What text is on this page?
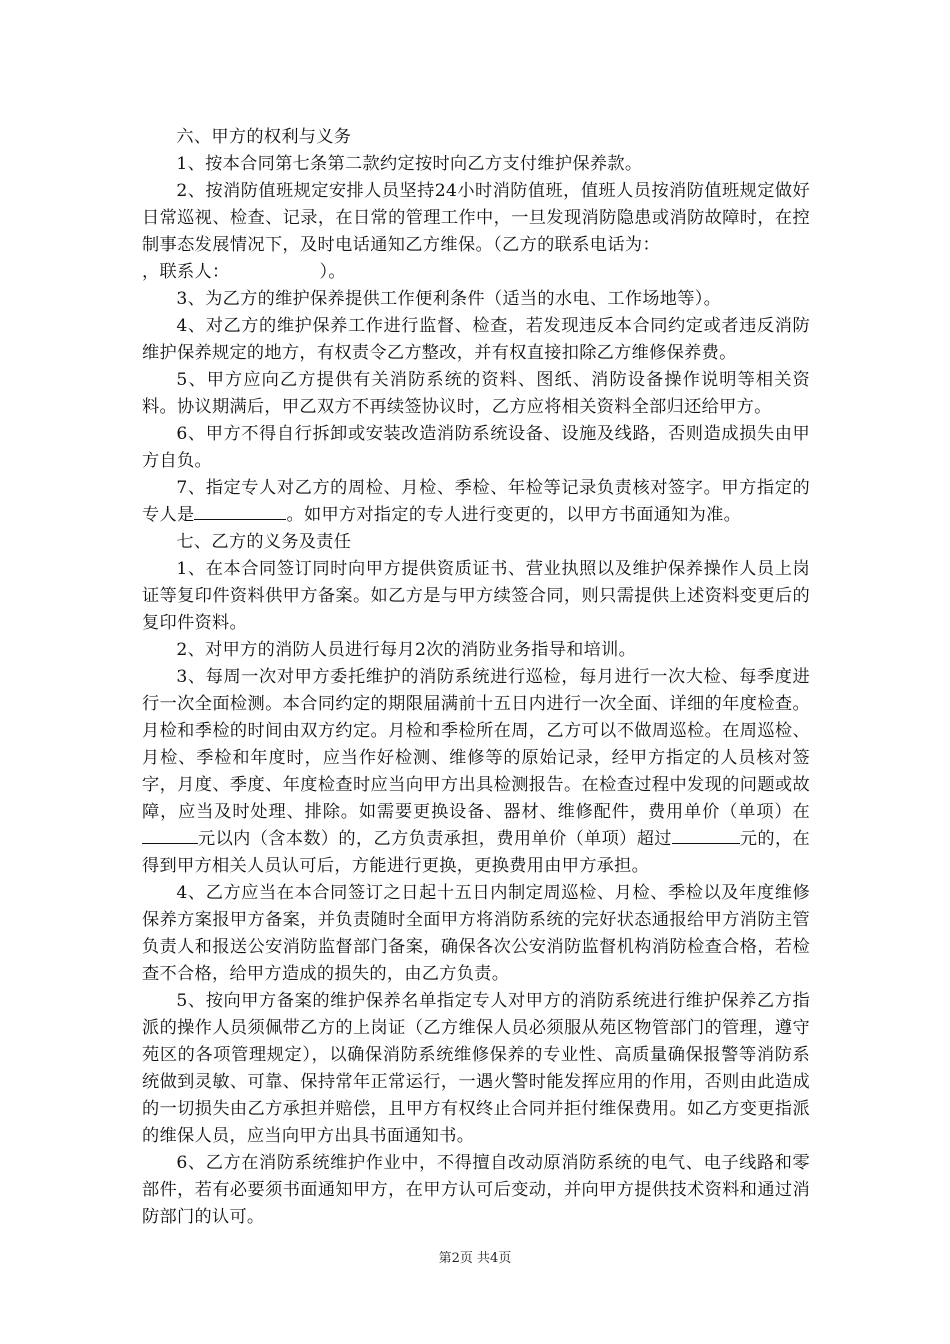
六、甲方的权利与义务

1、按本合同第七条第二款约定按时向乙方支付维护保养款。

2、按消防值班规定安排人员坚持24小时消防值班，值班人员按消防值班规定做好日常巡视、检查、记录，在日常的管理工作中，一旦发现消防隐患或消防故障时，在控制事态发展情况下，及时电话通知乙方维保。（乙方的联系电话为：，联系人：	）。

3、为乙方的维护保养提供工作便利条件（适当的水电、工作场地等）。

4、对乙方的维护保养工作进行监督、检查，若发现违反本合同约定或者违反消防维护保养规定的地方，有权责令乙方整改，并有权直接扣除乙方维修保养费。

5、甲方应向乙方提供有关消防系统的资料、图纸、消防设备操作说明等相关资料。协议期满后，甲乙双方不再续签协议时，乙方应将相关资料全部归还给甲方。

6、甲方不得自行拆卸或安装改造消防系统设备、设施及线路，否则造成损失由甲方自负。

7、指定专人对乙方的周检、月检、季检、年检等记录负责核对签字。甲方指定的专人是	。如甲方对指定的专人进行变更的，以甲方书面通知为准。

七、乙方的义务及责任

1、在本合同签订同时向甲方提供资质证书、营业执照以及维护保养操作人员上岗证等复印件资料供甲方备案。如乙方是与甲方续签合同，则只需提供上述资料变更后的复印件资料。

2、对甲方的消防人员进行每月2次的消防业务指导和培训。

3、每周一次对甲方委托维护的消防系统进行巡检，每月进行一次大检、每季度进行一次全面检测。本合同约定的期限届满前十五日内进行一次全面、详细的年度检查。月检和季检的时间由双方约定。月检和季检所在周，乙方可以不做周巡检。在周巡检、月检、季检和年度时，应当作好检测、维修等的原始记录，经甲方指定的人员核对签字，月度、季度、年度检查时应当向甲方出具检测报告。在检查过程中发现的问题或故障，应当及时处理、排除。如需要更换设备、器材、维修配件，费用单价（单项）在元以内（含本数）的，乙方负责承担，费用单价（单项）超过	元的，在得到甲方相关人员认可后，方能进行更换，更换费用由甲方承担。

4、乙方应当在本合同签订之日起十五日内制定周巡检、月检、季检以及年度维修保养方案报甲方备案，并负责随时全面甲方将消防系统的完好状态通报给甲方消防主管负责人和报送公安消防监督部门备案，确保各次公安消防监督机构消防检查合格，若检查不合格，给甲方造成的损失的，由乙方负责。

5、按向甲方备案的维护保养名单指定专人对甲方的消防系统进行维护保养乙方指派的操作人员须佩带乙方的上岗证（乙方维保人员必须服从苑区物管部门的管理，遵守苑区的各项管理规定），以确保消防系统维修保养的专业性、高质量确保报警等消防系统做到灵敏、可靠、保持常年正常运行，一遇火警时能发挥应用的作用，否则由此造成的一切损失由乙方承担并赔偿，且甲方有权终止合同并拒付维保费用。如乙方变更指派的维保人员，应当向甲方出具书面通知书。

6、乙方在消防系统维护作业中，不得擅自改动原消防系统的电气、电子线路和零部件，若有必要须书面通知甲方，在甲方认可后变动，并向甲方提供技术资料和通过消防部门的认可。

第2页 共4页
